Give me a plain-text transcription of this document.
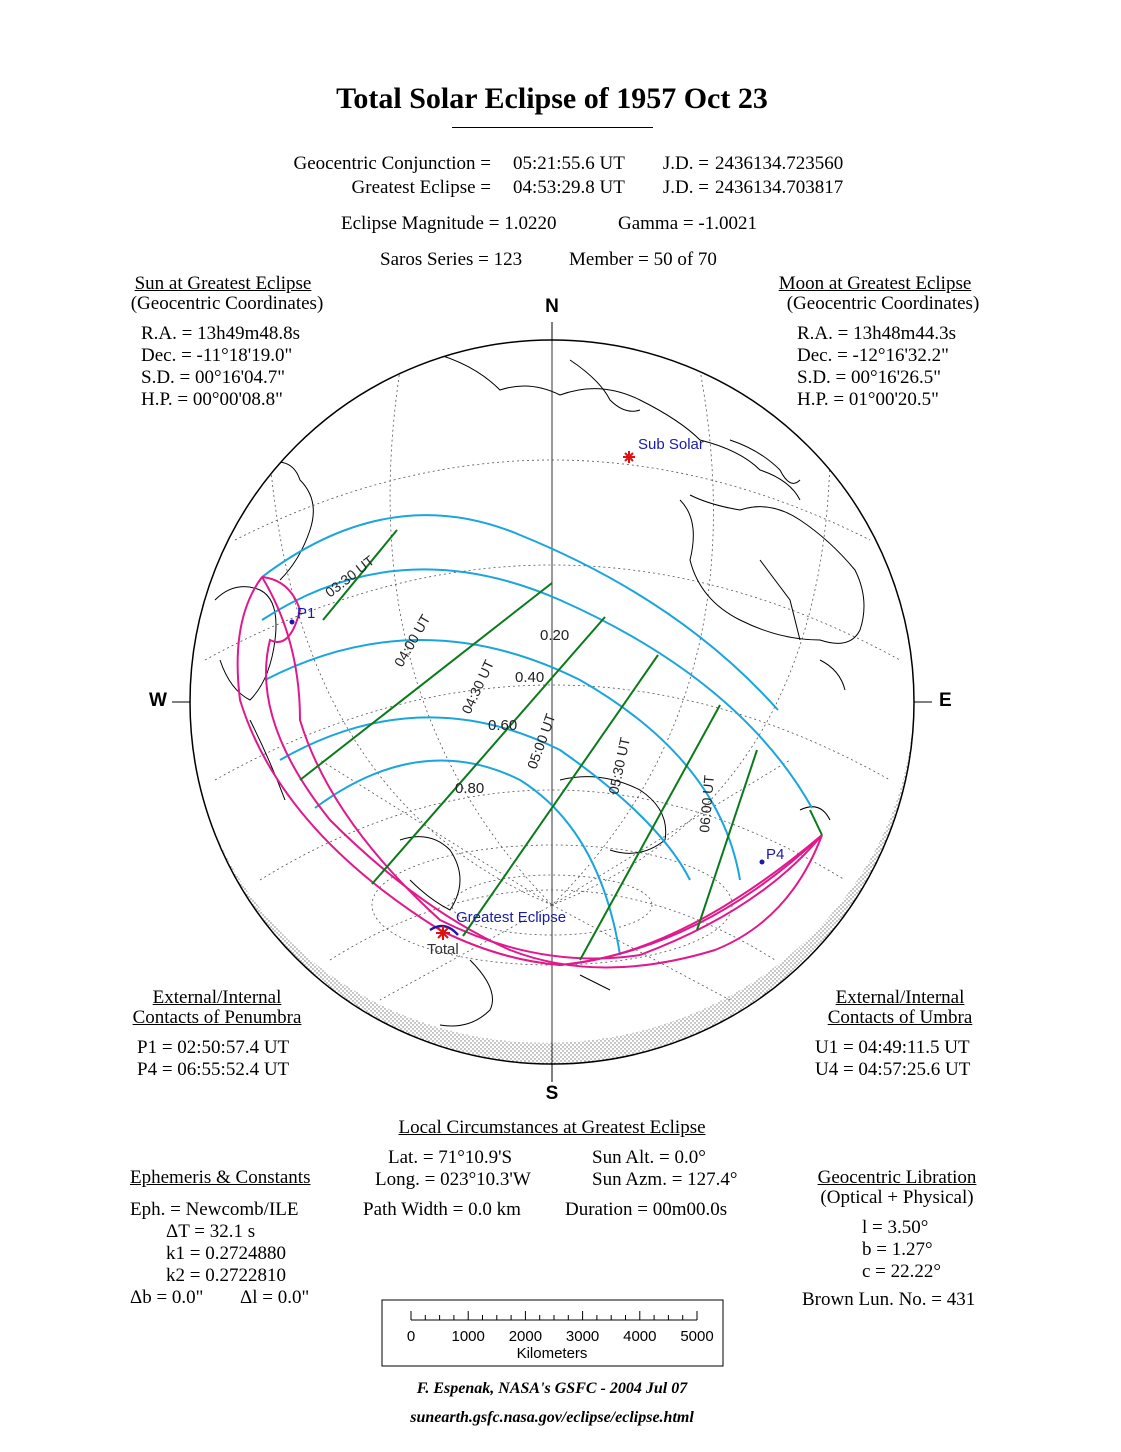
Total Solar Eclipse of 1957 Oct 23
Geocentric Conjunction = 05:21:55.6 UT J.D. = 2436134.723560
Greatest Eclipse = 04:53:29.8 UT J.D. = 2436134.703817
Eclipse Magnitude = 1.0220	Gamma = -1.0021
Saros Series = 123 Member = 50 of 70
Sun at Greatest Eclipse
(Geocentric Coordinates)
R.A. = 13h49m48.8s
Dec. = -11°18'19.0"
S.D. = 00°16'04.7"
H.P. = 00°00'08.8"
Moon at Greatest Eclipse
(Geocentric Coordinates)
R.A. = 13h48m44.3s
Dec. = -12°16'32.2"
S.D. = 00°16'26.5"
H.P. = 01°00'20.5"
N
S
W	E
Sub Solar
P1
P4
Greatest Eclipse
Total
0.20
0.40
0.60
0.80
03:30 UT
04:00 UT
04:30 UT
05:00 UT	05:30 UT
06:00 UT
0 1000 2000 3000 4000 5000
Kilometers
External/Internal
Contacts of Penumbra
P1 = 02:50:57.4 UT
P4 = 06:55:52.4 UT
External/Internal
Contacts of Umbra
U1 = 04:49:11.5 UT
U4 = 04:57:25.6 UT
Local Circumstances at Greatest Eclipse
Lat. = 71°10.9'S	Sun Alt. = 0.0°
Long. = 023°10.3'W	Sun Azm. = 127.4°
Path Width = 0.0 km Duration = 00m00.0s
Ephemeris & Constants
Eph. = Newcomb/ILE
ΔT = 32.1 s
k1 = 0.2724880
k2 = 0.2722810
Δb = 0.0" Δl = 0.0"
Geocentric Libration
(Optical + Physical)
l = 3.50°
b = 1.27°
c = 22.22°
Brown Lun. No. = 431
F. Espenak, NASA's GSFC - 2004 Jul 07
sunearth.gsfc.nasa.gov/eclipse/eclipse.html
